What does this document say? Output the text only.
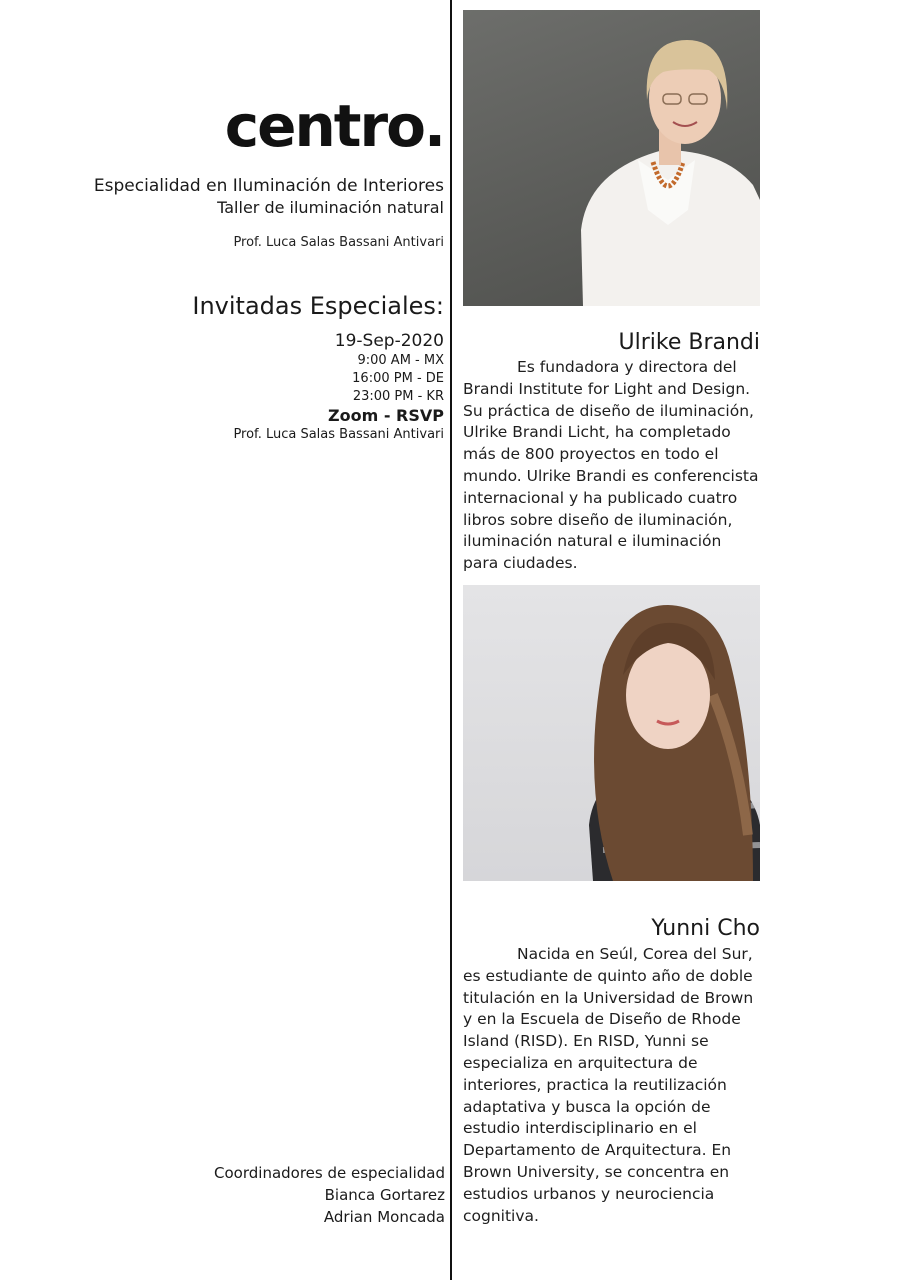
centro.
Especialidad en Iluminación de Interiores
Taller de iluminación natural
Prof. Luca Salas Bassani Antivari
Invitadas Especiales:
19-Sep-2020
9:00 AM - MX
16:00 PM - DE
23:00 PM - KR
Zoom - RSVP
Prof. Luca Salas Bassani Antivari
Coordinadores de especialidad
Bianca Gortarez
Adrian Moncada
Ulrike Brandi
Es fundadora y directora del Brandi Institute for Light and Design. Su práctica de diseño de iluminación, Ulrike Brandi Licht, ha completado más de 800 proyectos en todo el mundo. Ulrike Brandi es conferencista internacional y ha publicado cuatro libros sobre diseño de iluminación, iluminación natural e iluminación para ciudades.
Yunni Cho
Nacida en Seúl, Corea del Sur, es estudiante de quinto año de doble titulación en la Universidad de Brown y en la Escuela de Diseño de Rhode Island (RISD). En RISD, Yunni se especializa en arquitectura de interiores, practica la reutilización adaptativa y busca la opción de estudio interdisciplinario en el Departamento de Arquitectura. En Brown University, se concentra en estudios urbanos y neurociencia cognitiva.
